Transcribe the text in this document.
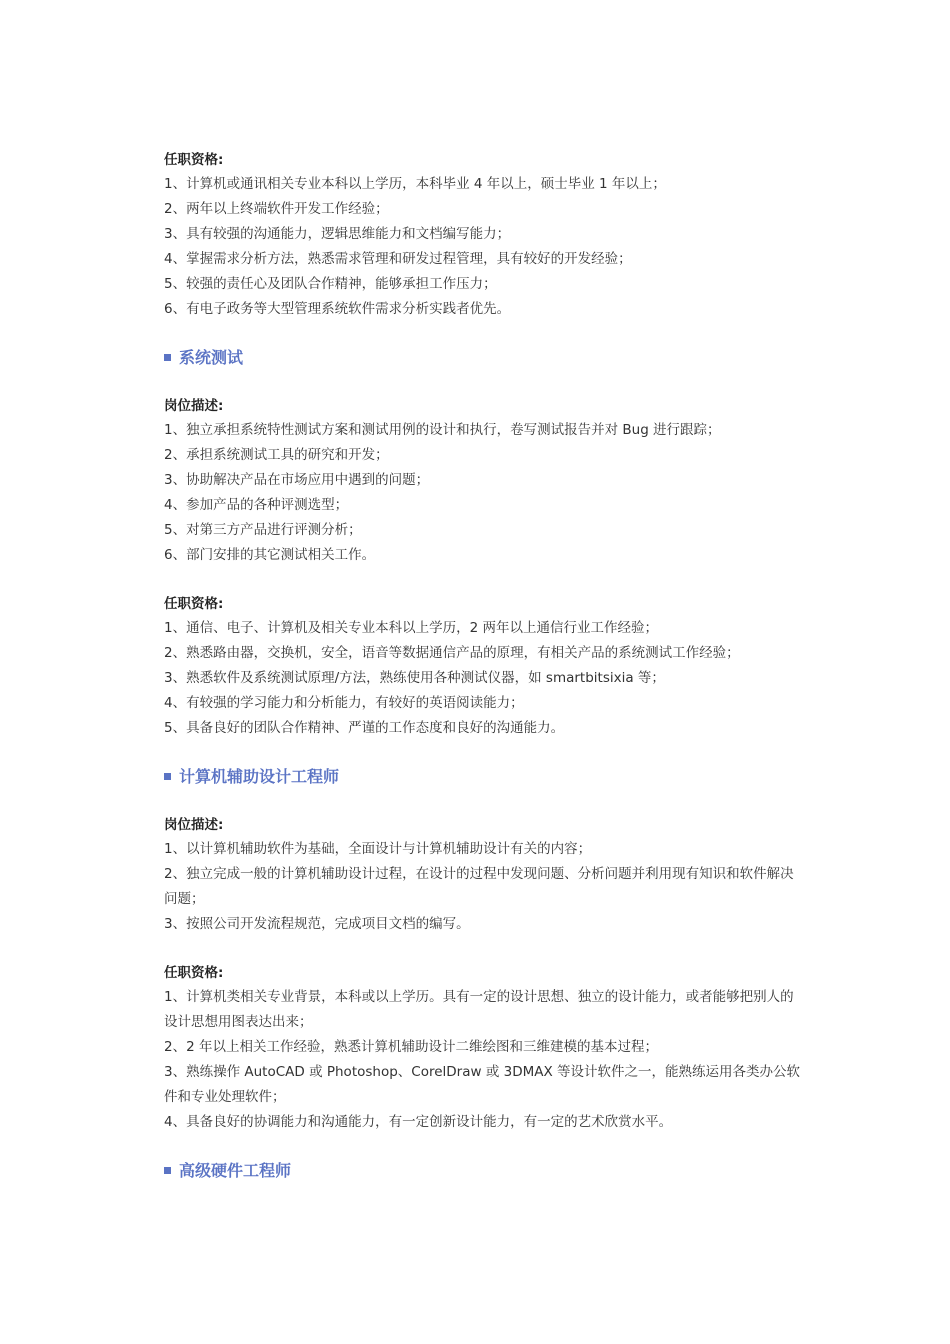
任职资格:
1、计算机或通讯相关专业本科以上学历，本科毕业 4 年以上，硕士毕业 1 年以上；
2、两年以上终端软件开发工作经验；
3、具有较强的沟通能力，逻辑思维能力和文档编写能力；
4、掌握需求分析方法，熟悉需求管理和研发过程管理，具有较好的开发经验；
5、较强的责任心及团队合作精神，能够承担工作压力；
6、有电子政务等大型管理系统软件需求分析实践者优先。
系统测试
岗位描述:
1、独立承担系统特性测试方案和测试用例的设计和执行，卷写测试报告并对 Bug 进行跟踪；
2、承担系统测试工具的研究和开发；
3、协助解决产品在市场应用中遇到的问题；
4、参加产品的各种评测选型；
5、对第三方产品进行评测分析；
6、部门安排的其它测试相关工作。
任职资格:
1、通信、电子、计算机及相关专业本科以上学历，2 两年以上通信行业工作经验；
2、熟悉路由器，交换机，安全，语音等数据通信产品的原理，有相关产品的系统测试工作经验；
3、熟悉软件及系统测试原理/方法，熟练使用各种测试仪器，如 smartbitsixia 等；
4、有较强的学习能力和分析能力，有较好的英语阅读能力；
5、具备良好的团队合作精神、严谨的工作态度和良好的沟通能力。
计算机辅助设计工程师
岗位描述:
1、以计算机辅助软件为基础，全面设计与计算机辅助设计有关的内容；
2、独立完成一般的计算机辅助设计过程，在设计的过程中发现问题、分析问题并利用现有知识和软件解决问题；
3、按照公司开发流程规范，完成项目文档的编写。
任职资格:
1、计算机类相关专业背景，本科或以上学历。具有一定的设计思想、独立的设计能力，或者能够把别人的设计思想用图表达出来；
2、2 年以上相关工作经验，熟悉计算机辅助设计二维绘图和三维建模的基本过程；
3、熟练操作 AutoCAD 或 Photoshop、CorelDraw 或 3DMAX 等设计软件之一，能熟练运用各类办公软件和专业处理软件；
4、具备良好的协调能力和沟通能力，有一定创新设计能力，有一定的艺术欣赏水平。
高级硬件工程师
